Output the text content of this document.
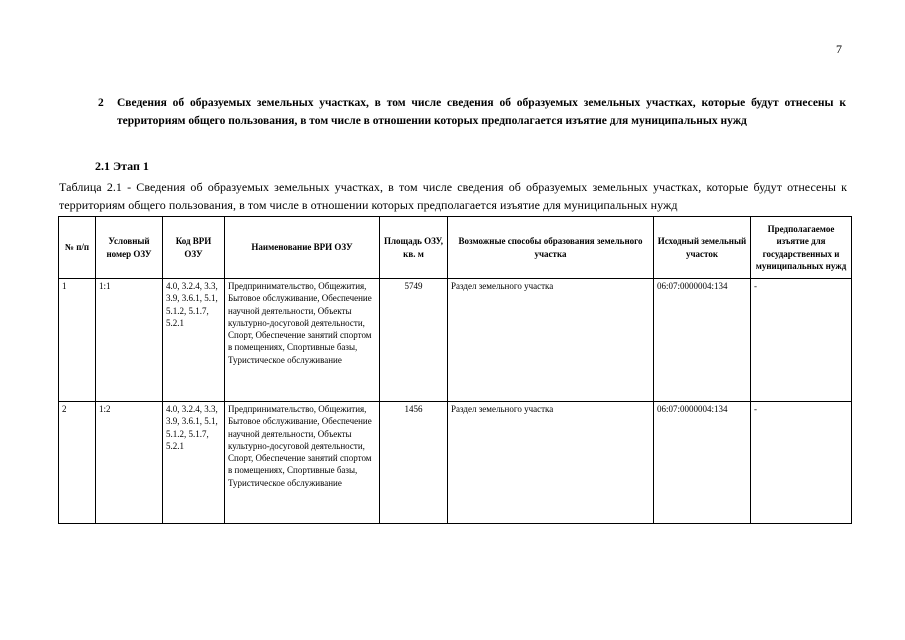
7
2 Сведения об образуемых земельных участках, в том числе сведения об образуемых земельных участках, которые будут отнесены к территориям общего пользования, в том числе в отношении которых предполагается изъятие для муниципальных нужд
2.1 Этап 1
Таблица 2.1 - Сведения об образуемых земельных участках, в том числе сведения об образуемых земельных участках, которые будут отнесены к территориям общего пользования, в том числе в отношении которых предполагается изъятие для муниципальных нужд
№ п/п	Условный номер ОЗУ	Код ВРИ ОЗУ	Наименование ВРИ ОЗУ	Площадь ОЗУ, кв. м	Возможные способы образования земельного участка	Исходный земельный участок	Предполагаемое изъятие для государственных и муниципальных нужд
1	1:1	4.0, 3.2.4, 3.3, 3.9, 3.6.1, 5.1, 5.1.2, 5.1.7, 5.2.1	Предпринимательство, Общежития, Бытовое обслуживание, Обеспечение научной деятельности, Объекты культурно-досуговой деятельности, Спорт, Обеспечение занятий спортом в помещениях, Спортивные базы, Туристическое обслуживание	5749	Раздел земельного участка	06:07:0000004:134	-
2	1:2	4.0, 3.2.4, 3.3, 3.9, 3.6.1, 5.1, 5.1.2, 5.1.7, 5.2.1	Предпринимательство, Общежития, Бытовое обслуживание, Обеспечение научной деятельности, Объекты культурно-досуговой деятельности, Спорт, Обеспечение занятий спортом в помещениях, Спортивные базы, Туристическое обслуживание	1456	Раздел земельного участка	06:07:0000004:134	-
